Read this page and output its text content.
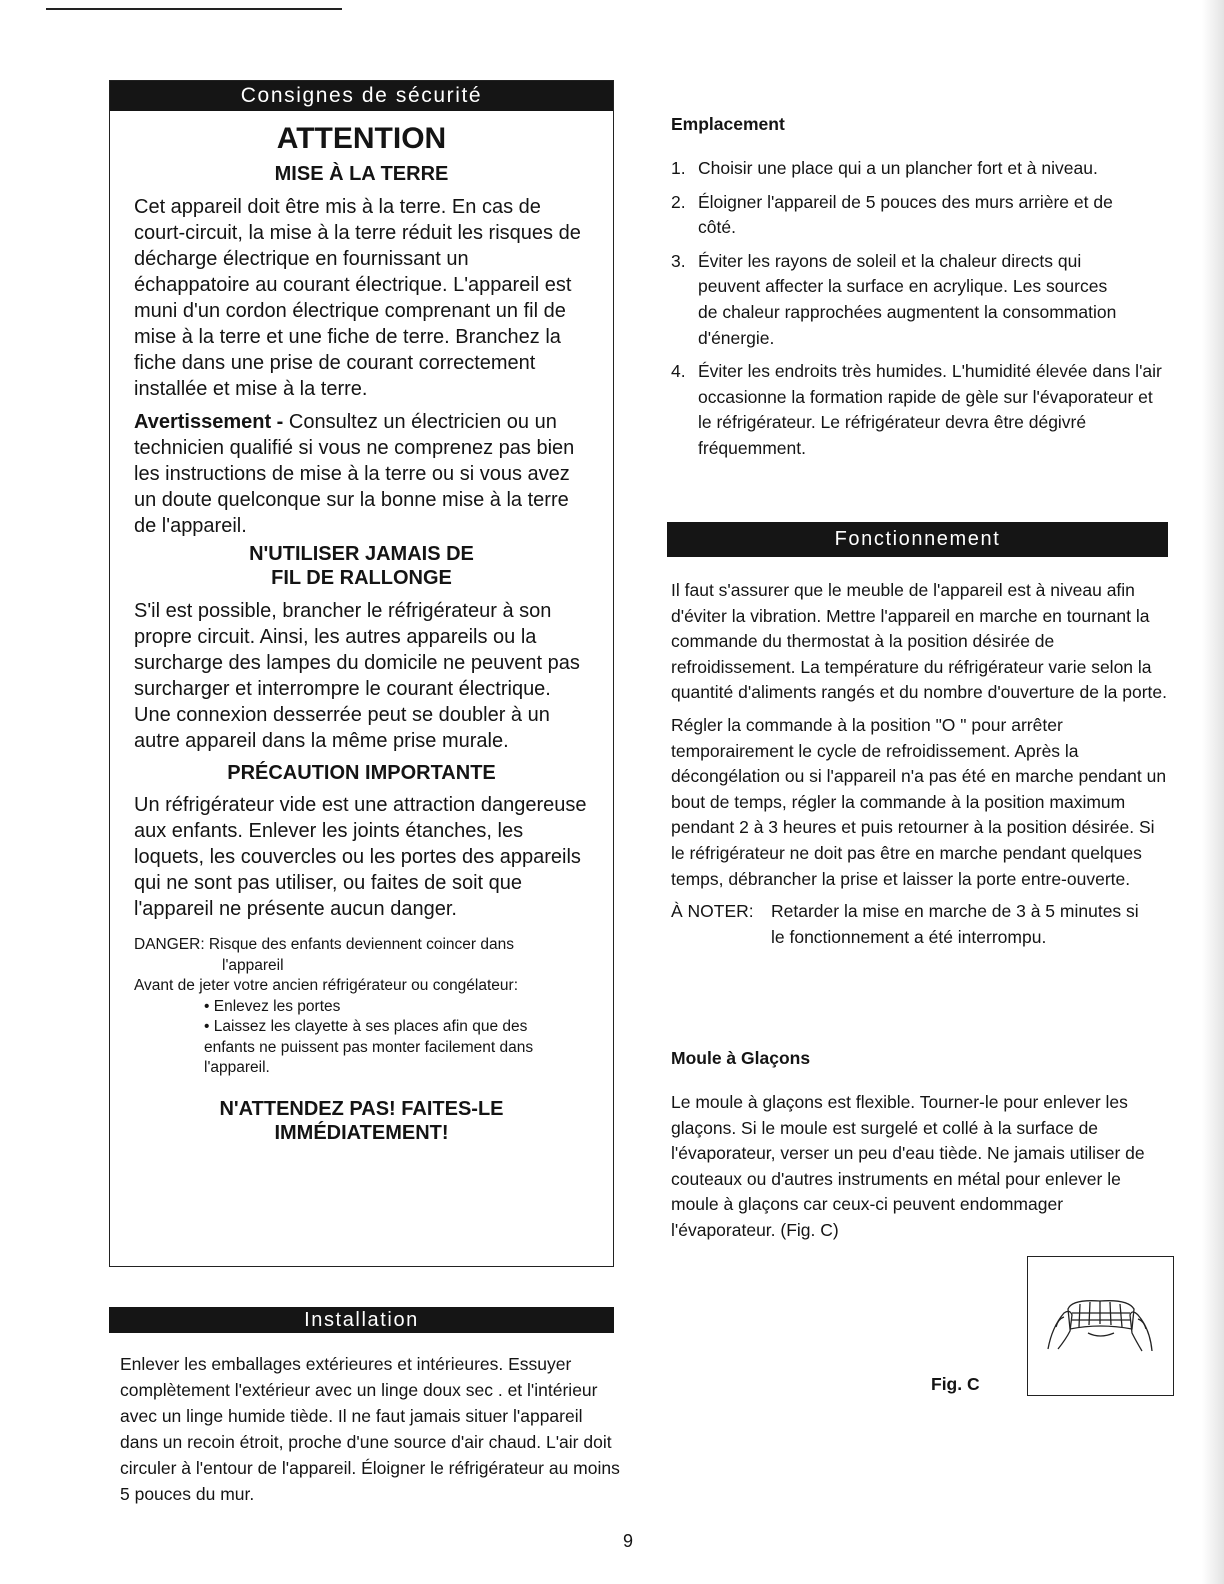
Consignes de sécurité
ATTENTION
MISE À LA TERRE

Cet appareil doit être mis à la terre. En cas de court-circuit, la mise à la terre réduit les risques de décharge électrique en fournissant un échappatoire au courant électrique. L'appareil est muni d'un cordon électrique comprenant un fil de mise à la terre et une fiche de terre. Branchez la fiche dans une prise de courant correctement installée et mise à la terre.

Avertissement - Consultez un électricien ou un technicien qualifié si vous ne comprenez pas bien les instructions de mise à la terre ou si vous avez un doute quelconque sur la bonne mise à la terre de l'appareil.

N'UTILISER JAMAIS DE
FIL DE RALLONGE

S'il est possible, brancher le réfrigérateur à son propre circuit. Ainsi, les autres appareils ou la surcharge des lampes du domicile ne peuvent pas surcharger et interrompre le courant électrique. Une connexion desserrée peut se doubler à un autre appareil dans la même prise murale.

PRÉCAUTION IMPORTANTE

Un réfrigérateur vide est une attraction dangereuse aux enfants. Enlever les joints étanches, les loquets, les couvercles ou les portes des appareils qui ne sont pas utiliser, ou faites de soit que l'appareil ne présente aucun danger.

DANGER: Risque des enfants deviennent coincer dans

l'appareil

Avant de jeter votre ancien réfrigérateur ou congélateur:

• Enlevez les portes

• Laissez les clayette à ses places afin que des enfants ne puissent pas monter facilement dans l'appareil.

N'ATTENDEZ PAS! FAITES-LE
IMMÉDIATEMENT!
Installation

Enlever les emballages extérieures et intérieures. Essuyer complètement l'extérieur avec un linge doux sec . et l'intérieur avec un linge humide tiède. Il ne faut jamais situer l'appareil dans un recoin étroit, proche d'une source d'air chaud. L'air doit circuler à l'entour de l'appareil. Éloigner le réfrigérateur au moins 5 pouces du mur.

Emplacement

1. Choisir une place qui a un plancher fort et à niveau.
2. Éloigner l'appareil de 5 pouces des murs arrière et de côté.
3. Éviter les rayons de soleil et la chaleur directs qui peuvent affecter la surface en acrylique. Les sources de chaleur rapprochées augmentent la consommation d'énergie.
4. Éviter les endroits très humides. L'humidité élevée dans l'air occasionne la formation rapide de gèle sur l'évaporateur et le réfrigérateur. Le réfrigérateur devra être dégivré fréquemment.
Fonctionnement

Il faut s'assurer que le meuble de l'appareil est à niveau afin d'éviter la vibration. Mettre l'appareil en marche en tournant la commande du thermostat à la position désirée de refroidissement. La température du réfrigérateur varie selon la quantité d'aliments rangés et du nombre d'ouverture de la porte.

Régler la commande à la position "O " pour arrêter temporairement le cycle de refroidissement. Après la décongélation ou si l'appareil n'a pas été en marche pendant un bout de temps, régler la commande à la position maximum pendant 2 à 3 heures et puis retourner à la position désirée. Si le réfrigérateur ne doit pas être en marche pendant quelques temps, débrancher la prise et laisser la porte entre-ouverte.

À NOTER: Retarder la mise en marche de 3 à 5 minutes si le fonctionnement a été interrompu.

Moule à Glaçons

Le moule à glaçons est flexible. Tourner-le pour enlever les glaçons. Si le moule est surgelé et collé à la surface de l'évaporateur, verser un peu d'eau tiède. Ne jamais utiliser de couteaux ou d'autres instruments en métal pour enlever le moule à glaçons car ceux-ci peuvent endommager l'évaporateur. (Fig. C)

Fig. C
9
